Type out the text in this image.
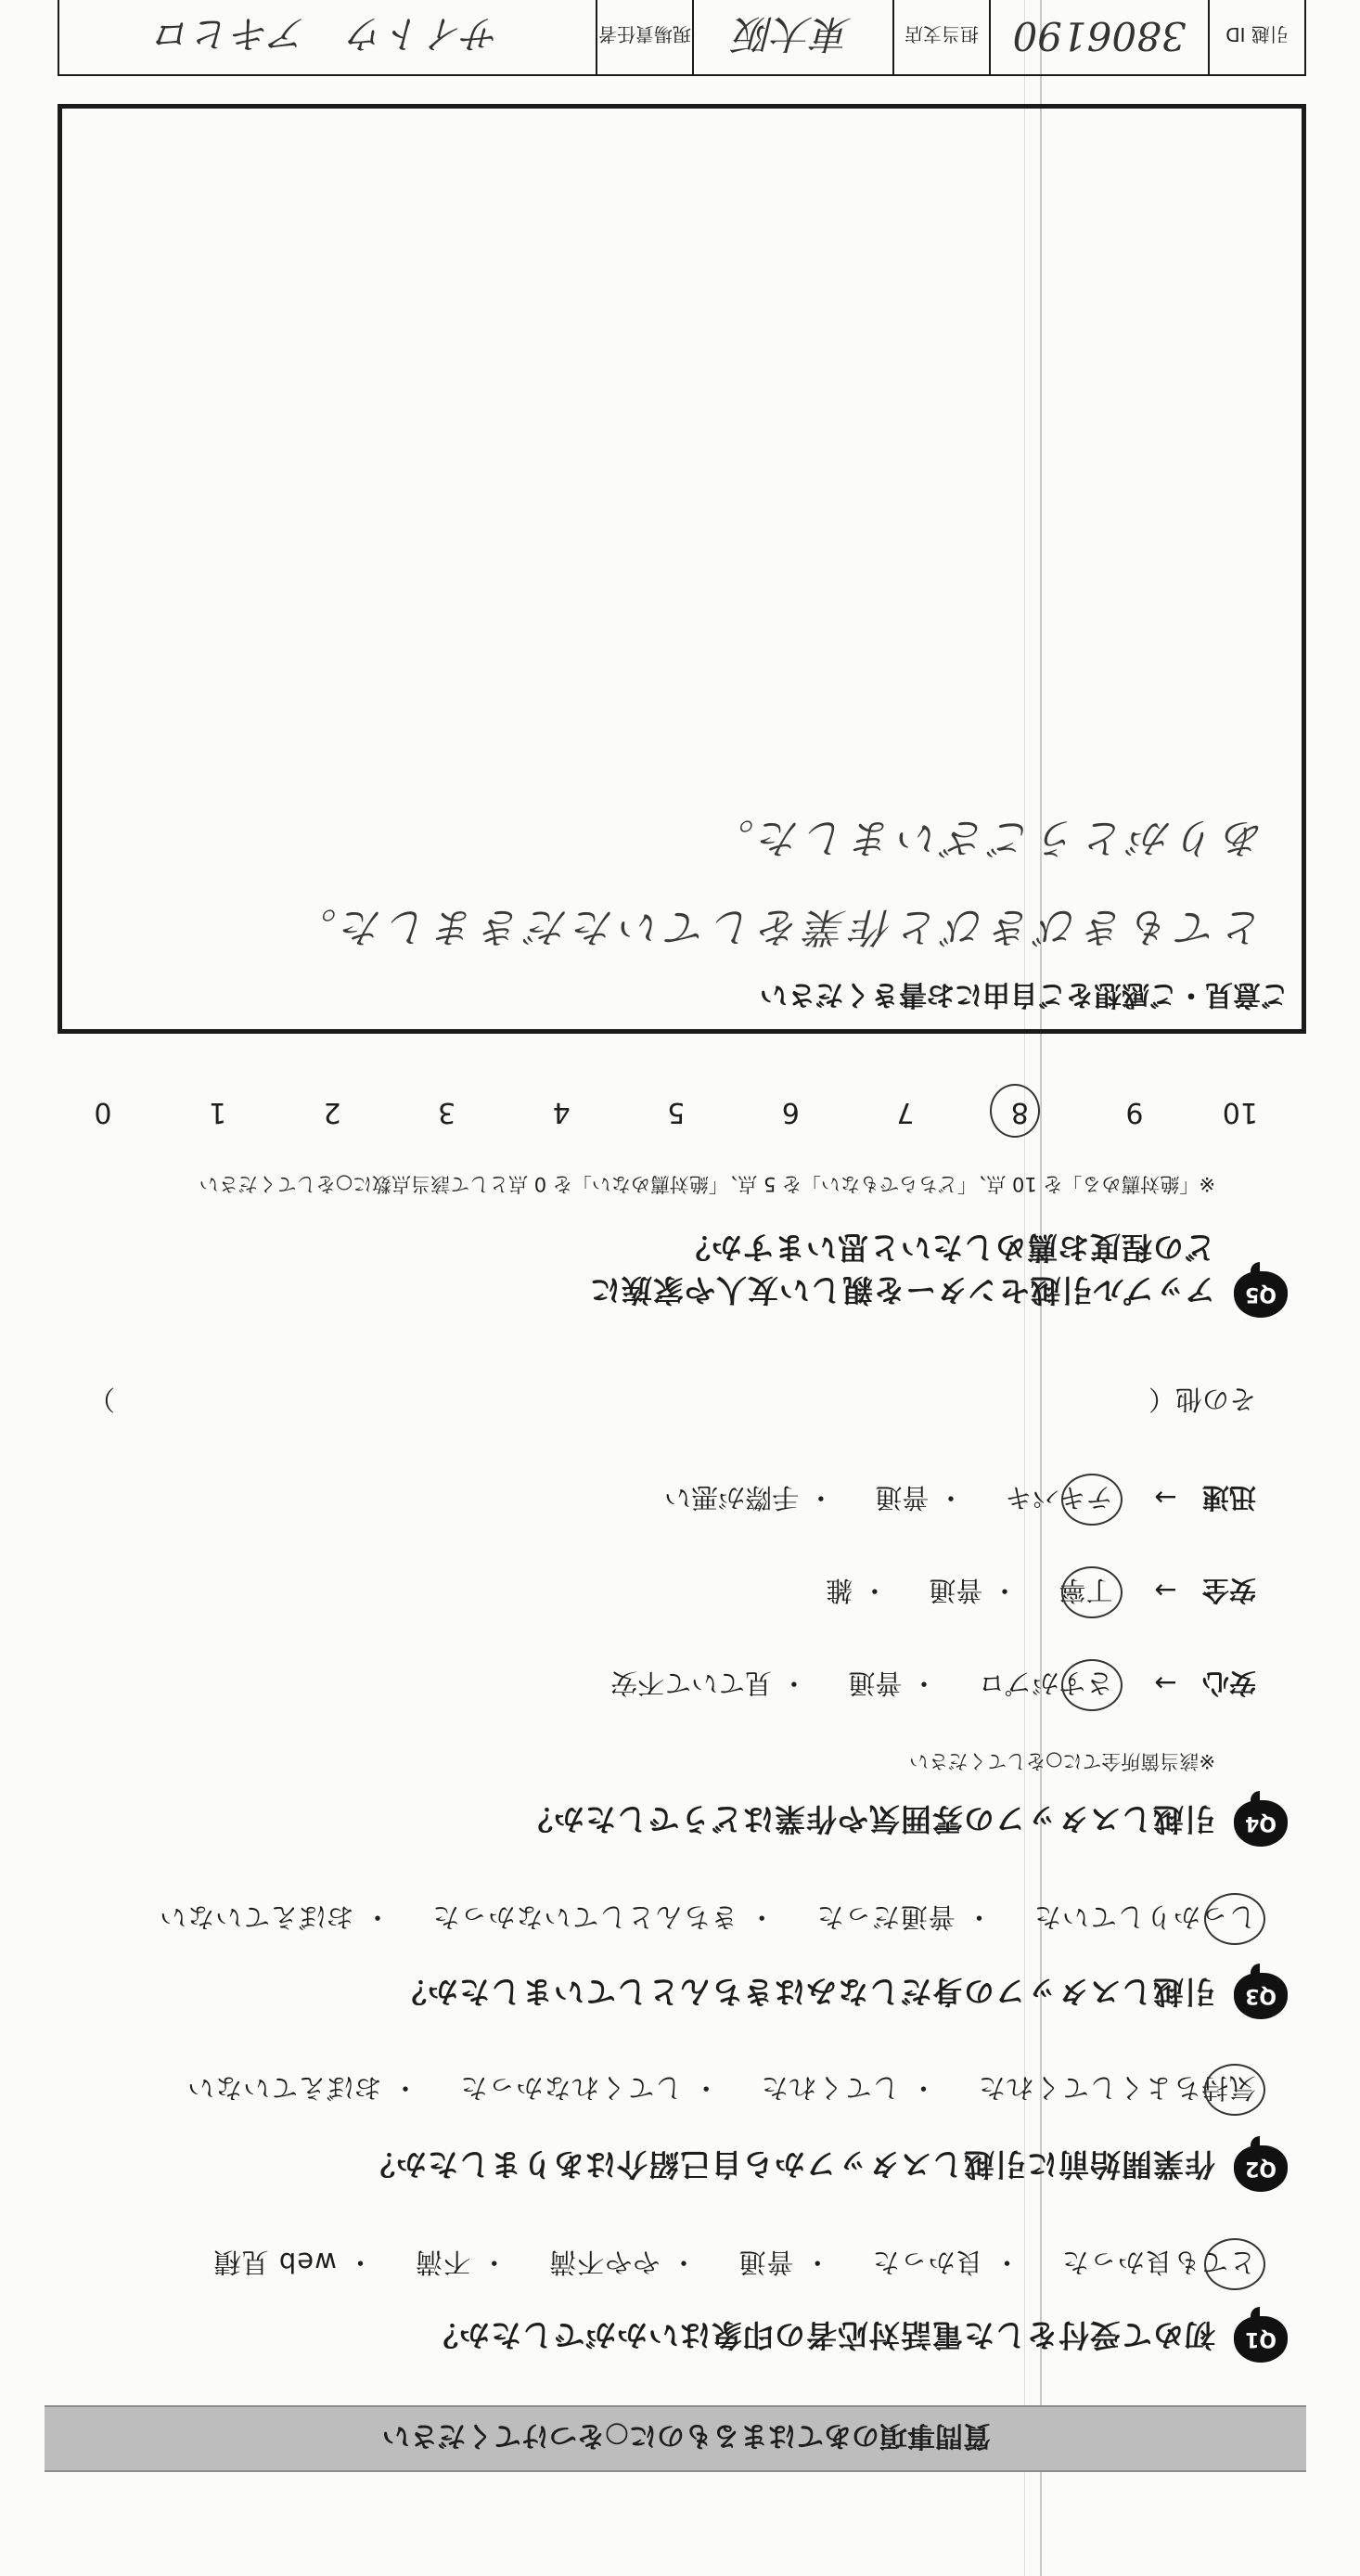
質問事項のあてはまるものに○をつけてください
Q1
初めて受付をした電話対応者の印象はいかがでしたか？
とても良かった・ 良かった・ 普通・ やや不満・ 不満・ web 見積
Q2
作業開始前に引越しスタッフから自己紹介はありましたか？
気持ちよくしてくれた・ してくれた・ してくれなかった・ おぼえていない
Q3
引越しスタッフの身だしなみはきちんとしていましたか？
しっかりしていた・ 普通だった・ きちんとしていなかった・ おぼえていない
Q4
引越しスタッフの雰囲気や作業はどうでしたか？
※該当箇所全てに○をしてください
安心 → さすがプロ・ 普通・ 見ていて不安
安全 → 丁寧・ 普通・ 雑
迅速 → テキパキ・ 普通・ 手際が悪い
その他（
）
Q5
アップル引越センターを親しい友人や家族に
どの程度お薦めしたいと思いますか？
※「絶対薦める」を 10 点、「どちらでもない」を 5 点、「絶対薦めない」を 0 点として該当点数に○をしてください
10 9 8 7 6 5 4 3 2 1 0
ご意見・ご感想をご自由にお書きください
とてもきびきびと作業をしていただきました。
ありがとうございました。
引越 ID
3806190
担当支店
東大阪
現場責任者
サイトウ　アキヒロ
